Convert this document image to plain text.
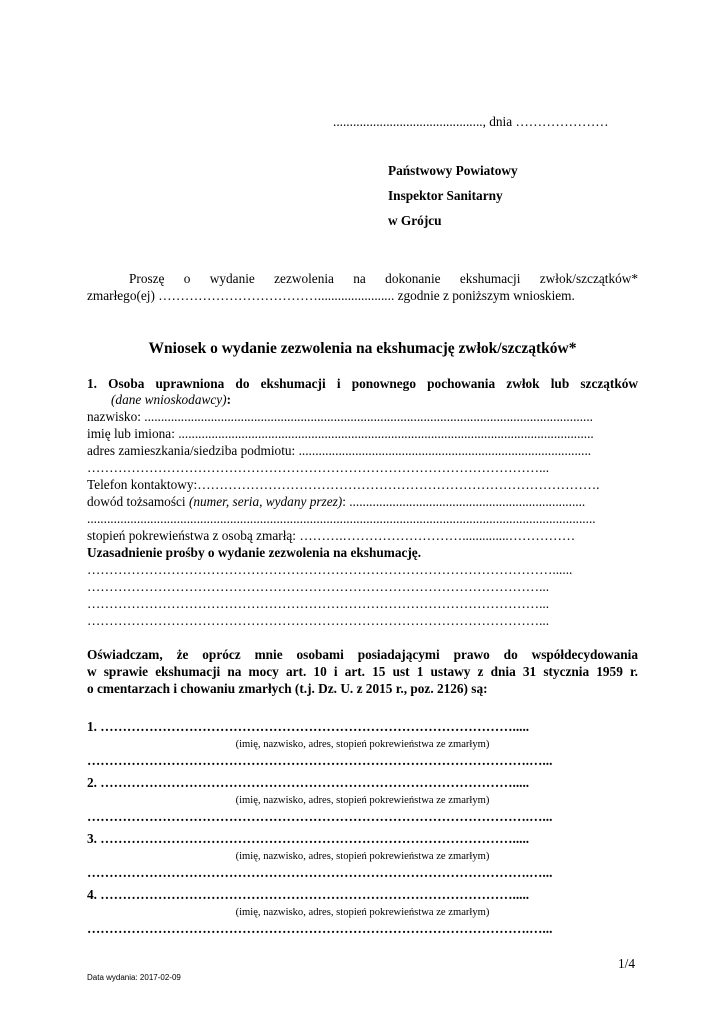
............................................., dnia …………………
Państwowy Powiatowy
Inspektor Sanitarny
w Grójcu
Proszę o wydanie zezwolenia na dokonanie ekshumacji zwłok/szczątków*
zmarłego(ej) ………………………………....................... zgodnie z poniższym wnioskiem.
Wniosek o wydanie zezwolenia na ekshumację zwłok/szczątków*
1. Osoba uprawniona do ekshumacji i ponownego pochowania zwłok lub szczątków
(dane wnioskodawcy):
nazwisko: .......................................................................................................................................
imię lub imiona: .............................................................................................................................
adres zamieszkania/siedziba podmiotu: ........................................................................................
…………………………………………………………………………………………...
Telefon kontaktowy:……………………………………………………………………………….
dowód tożsamości (numer, seria, wydany przez): .......................................................................
.........................................................................................................................................................
stopień pokrewieństwa z osobą zmarłą: ……….………………………..............……………
Uzasadnienie prośby o wydanie zezwolenia na ekshumację.
……………………………………………………………………………………………......
…………………………………………………………………………………………...
…………………………………………………………………………………………...
…………………………………………………………………………………………...
Oświadczam, że oprócz mnie osobami posiadającymi prawo do współdecydowania
w sprawie ekshumacji na mocy art. 10 i art. 15 ust 1 ustawy z dnia 31 stycznia 1959 r.
o cmentarzach i chowaniu zmarłych (t.j. Dz. U. z 2015 r., poz. 2126) są:
1. ………………………………………………………………………………….....
(imię, nazwisko, adres, stopień pokrewieństwa ze zmarłym)
……………………………………………………………………………………….…...
2. ………………………………………………………………………………….....
(imię, nazwisko, adres, stopień pokrewieństwa ze zmarłym)
……………………………………………………………………………………….…...
3. ………………………………………………………………………………….....
(imię, nazwisko, adres, stopień pokrewieństwa ze zmarłym)
……………………………………………………………………………………….…...
4. ………………………………………………………………………………….....
(imię, nazwisko, adres, stopień pokrewieństwa ze zmarłym)
……………………………………………………………………………………….…...
1/4
Data wydania: 2017-02-09
